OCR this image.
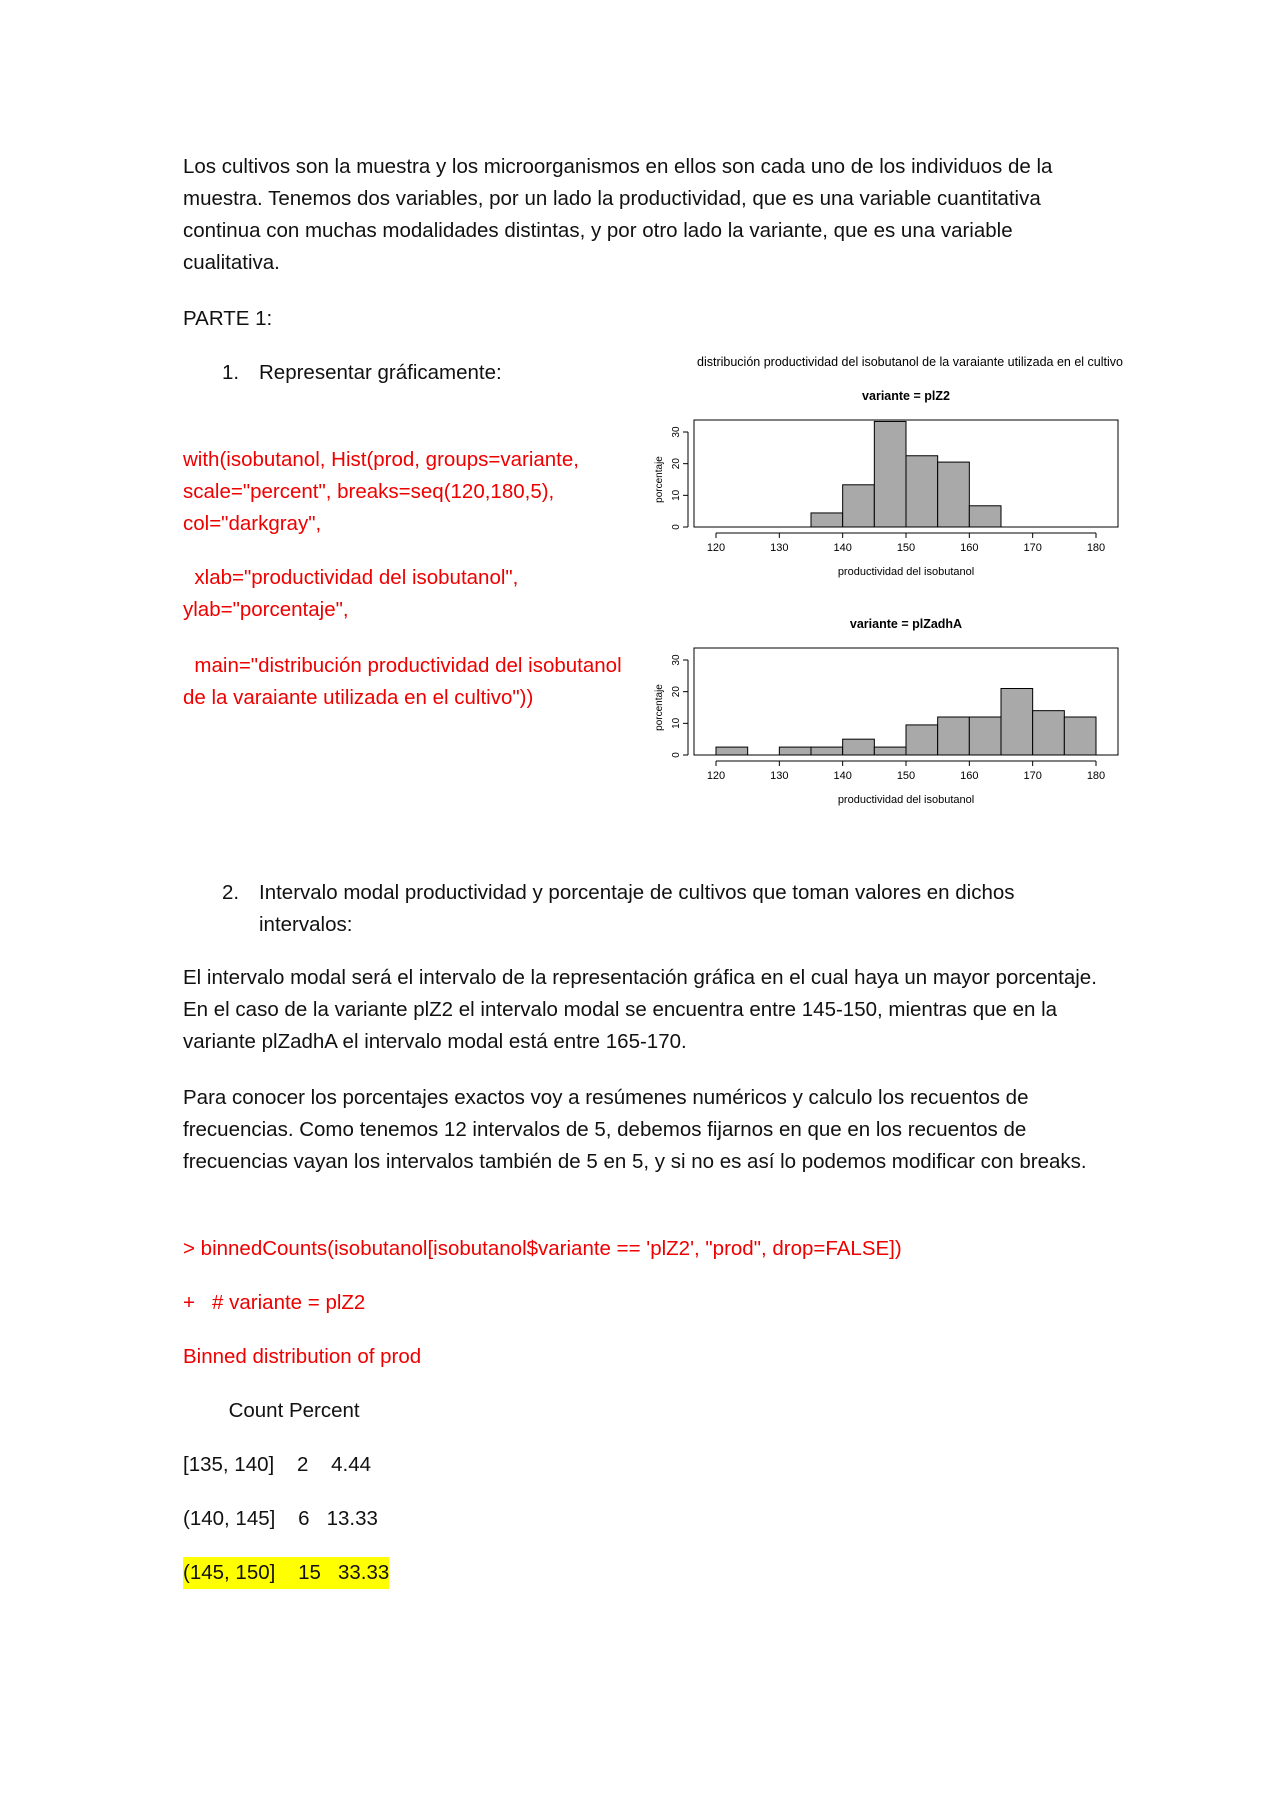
Los cultivos son la muestra y los microorganismos en ellos son cada uno de los individuos de la muestra. Tenemos dos variables, por un lado la productividad, que es una variable cuantitativa continua con muchas modalidades distintas, y por otro lado la variante, que es una variable cualitativa.

PARTE 1:

1. Representar gráficamente:

with(isobutanol, Hist(prod, groups=variante, scale="percent", breaks=seq(120,180,5), col="darkgray",

xlab="productividad del isobutanol", ylab="porcentaje",

main="distribución productividad del isobutanol de la varaiante utilizada en el cultivo"))

distribución productividad del isobutanol de la varaiante utilizada en el cultivo
variante = plZ2
120	130	140	150	160	170	180
productividad del isobutanol
0
10
20
30
porcentaje
variante = plZadhA
120	130	140	150	160	170	180
productividad del isobutanol
0
10
20
30
porcentaje
2. Intervalo modal productividad y porcentaje de cultivos que toman valores en dichos intervalos:

El intervalo modal será el intervalo de la representación gráfica en el cual haya un mayor porcentaje. En el caso de la variante plZ2 el intervalo modal se encuentra entre 145-150, mientras que en la variante plZadhA el intervalo modal está entre 165-170.

Para conocer los porcentajes exactos voy a resúmenes numéricos y calculo los recuentos de frecuencias. Como tenemos 12 intervalos de 5, debemos fijarnos en que en los recuentos de frecuencias vayan los intervalos también de 5 en 5, y si no es así lo podemos modificar con breaks.

> binnedCounts(isobutanol[isobutanol$variante == 'plZ2', "prod", drop=FALSE])

+   # variante = plZ2

Binned distribution of prod

Count Percent
[135, 140]    2    4.44
(140, 145]    6   13.33
(145, 150]    15   33.33
